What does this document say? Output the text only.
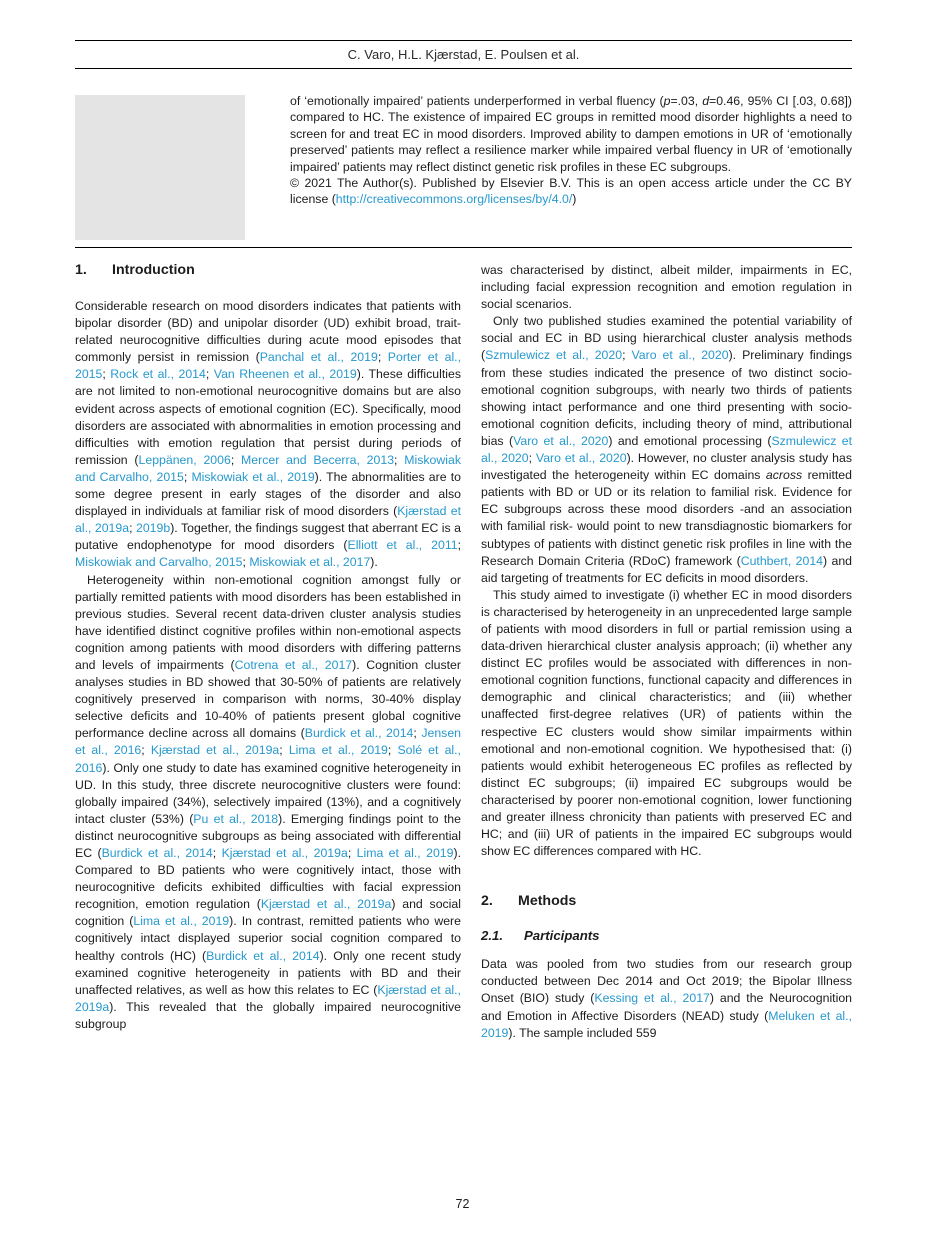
C. Varo, H.L. Kjærstad, E. Poulsen et al.

of ‘emotionally impaired’ patients underperformed in verbal fluency (p=.03, d=0.46, 95% CI [.03, 0.68]) compared to HC. The existence of impaired EC groups in remitted mood disorder highlights a need to screen for and treat EC in mood disorders. Improved ability to dampen emotions in UR of ‘emotionally preserved’ patients may reflect a resilience marker while impaired verbal fluency in UR of ‘emotionally impaired’ patients may reflect distinct genetic risk profiles in these EC subgroups.

© 2021 The Author(s). Published by Elsevier B.V. This is an open access article under the CC BY license (http://creativecommons.org/licenses/by/4.0/)

1. Introduction

Considerable research on mood disorders indicates that patients with bipolar disorder (BD) and unipolar disorder (UD) exhibit broad, trait-related neurocognitive difficulties during acute mood episodes that commonly persist in remission (Panchal et al., 2019; Porter et al., 2015; Rock et al., 2014; Van Rheenen et al., 2019). These difficulties are not limited to non-emotional neurocognitive domains but are also evident across aspects of emotional cognition (EC). Specifically, mood disorders are associated with abnormalities in emotion processing and difficulties with emotion regulation that persist during periods of remission (Leppänen, 2006; Mercer and Becerra, 2013; Miskowiak and Carvalho, 2015; Miskowiak et al., 2019). The abnormalities are to some degree present in early stages of the disorder and also displayed in individuals at familiar risk of mood disorders (Kjærstad et al., 2019a; 2019b). Together, the findings suggest that aberrant EC is a putative endophenotype for mood disorders (Elliott et al., 2011; Miskowiak and Carvalho, 2015; Miskowiak et al., 2017).

Heterogeneity within non-emotional cognition amongst fully or partially remitted patients with mood disorders has been established in previous studies. Several recent data-driven cluster analysis studies have identified distinct cognitive profiles within non-emotional aspects cognition among patients with mood disorders with differing patterns and levels of impairments (Cotrena et al., 2017). Cognition cluster analyses studies in BD showed that 30-50% of patients are relatively cognitively preserved in comparison with norms, 30-40% display selective deficits and 10-40% of patients present global cognitive performance decline across all domains (Burdick et al., 2014; Jensen et al., 2016; Kjærstad et al., 2019a; Lima et al., 2019; Solé et al., 2016). Only one study to date has examined cognitive heterogeneity in UD. In this study, three discrete neurocognitive clusters were found: globally impaired (34%), selectively impaired (13%), and a cognitively intact cluster (53%) (Pu et al., 2018). Emerging findings point to the distinct neurocognitive subgroups as being associated with differential EC (Burdick et al., 2014; Kjærstad et al., 2019a; Lima et al., 2019). Compared to BD patients who were cognitively intact, those with neurocognitive deficits exhibited difficulties with facial expression recognition, emotion regulation (Kjærstad et al., 2019a) and social cognition (Lima et al., 2019). In contrast, remitted patients who were cognitively intact displayed superior social cognition compared to healthy controls (HC) (Burdick et al., 2014). Only one recent study examined cognitive heterogeneity in patients with BD and their unaffected relatives, as well as how this relates to EC (Kjærstad et al., 2019a). This revealed that the globally impaired neurocognitive subgroup

was characterised by distinct, albeit milder, impairments in EC, including facial expression recognition and emotion regulation in social scenarios.

Only two published studies examined the potential variability of social and EC in BD using hierarchical cluster analysis methods (Szmulewicz et al., 2020; Varo et al., 2020). Preliminary findings from these studies indicated the presence of two distinct socio-emotional cognition subgroups, with nearly two thirds of patients showing intact performance and one third presenting with socio-emotional cognition deficits, including theory of mind, attributional bias (Varo et al., 2020) and emotional processing (Szmulewicz et al., 2020; Varo et al., 2020). However, no cluster analysis study has investigated the heterogeneity within EC domains across remitted patients with BD or UD or its relation to familial risk. Evidence for EC subgroups across these mood disorders -and an association with familial risk- would point to new transdiagnostic biomarkers for subtypes of patients with distinct genetic risk profiles in line with the Research Domain Criteria (RDoC) framework (Cuthbert, 2014) and aid targeting of treatments for EC deficits in mood disorders.

This study aimed to investigate (i) whether EC in mood disorders is characterised by heterogeneity in an unprecedented large sample of patients with mood disorders in full or partial remission using a data-driven hierarchical cluster analysis approach; (ii) whether any distinct EC profiles would be associated with differences in non-emotional cognition functions, functional capacity and differences in demographic and clinical characteristics; and (iii) whether unaffected first-degree relatives (UR) of patients within the respective EC clusters would show similar impairments within emotional and non-emotional cognition. We hypothesised that: (i) patients would exhibit heterogeneous EC profiles as reflected by distinct EC subgroups; (ii) impaired EC subgroups would be characterised by poorer non-emotional cognition, lower functioning and greater illness chronicity than patients with preserved EC and HC; and (iii) UR of patients in the impaired EC subgroups would show EC differences compared with HC.

2. Methods
2.1. Participants

Data was pooled from two studies from our research group conducted between Dec 2014 and Oct 2019; the Bipolar Illness Onset (BIO) study (Kessing et al., 2017) and the Neurocognition and Emotion in Affective Disorders (NEAD) study (Meluken et al., 2019). The sample included 559

72
